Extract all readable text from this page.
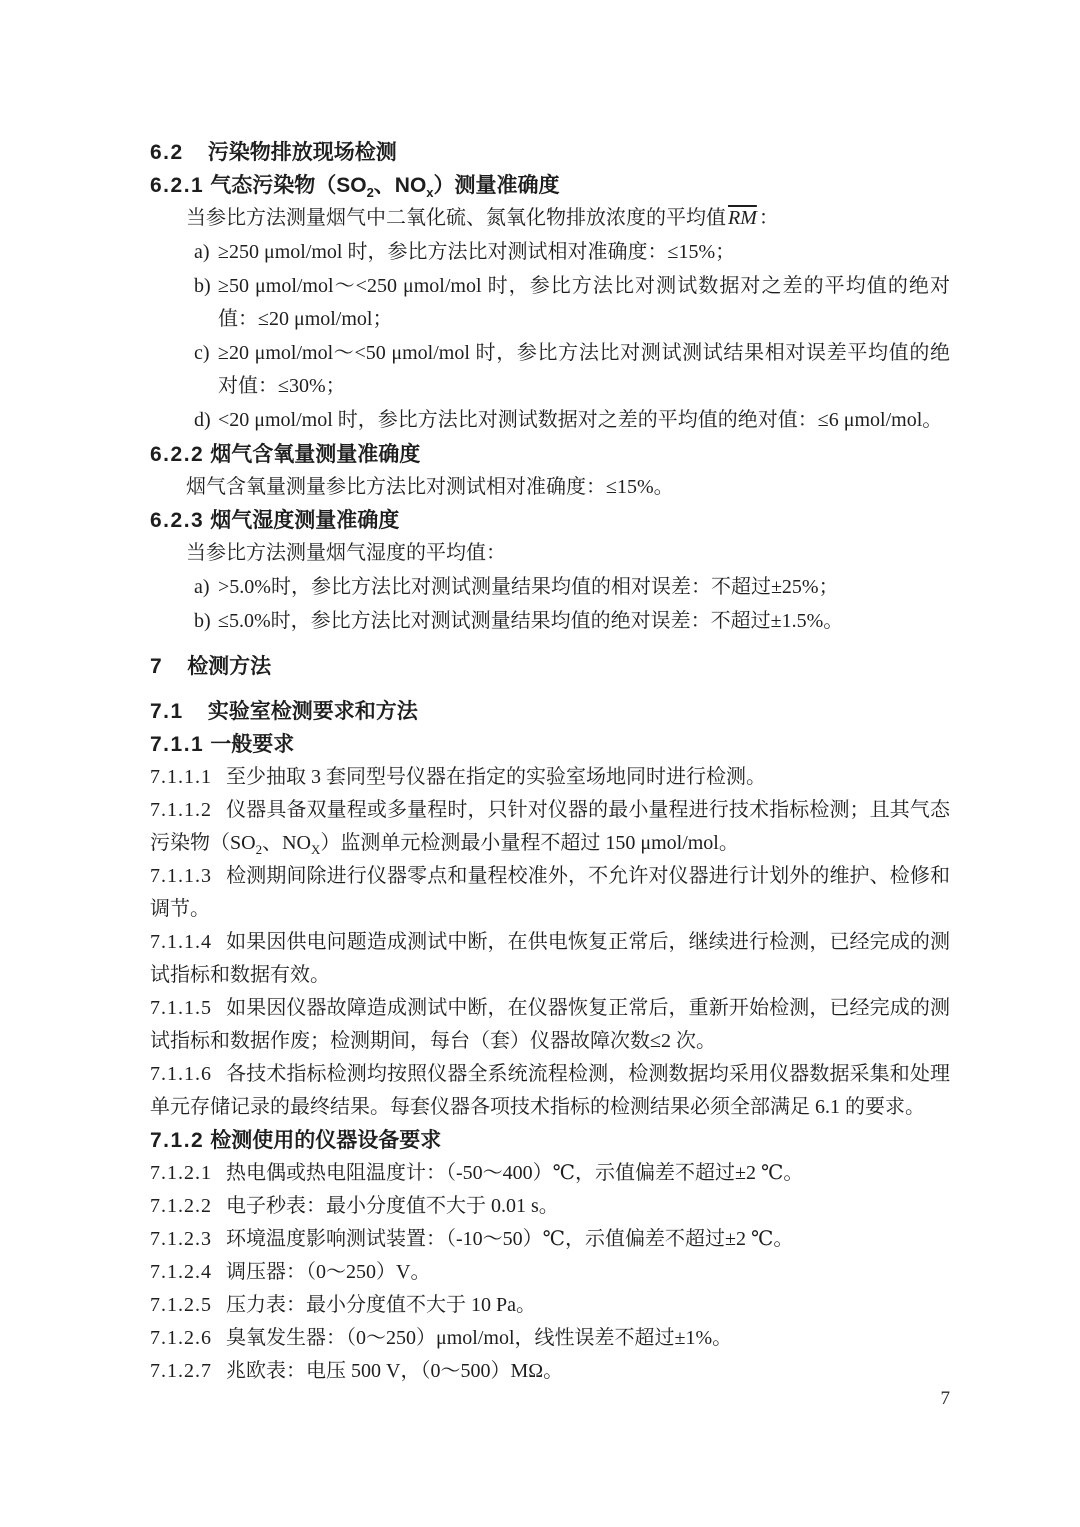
6.2 污染物排放现场检测
6.2.1 气态污染物（$SO_2$、$NO_x$）测量准确度

当参比方法测量烟气中二氧化硫、氮氧化物排放浓度的平均值 $\overline{RM}$ ：

a) ≥250 μmol/mol 时，参比方法比对测试相对准确度：≤15%；
b) ≥50 μmol/mol～<250 μmol/mol 时，参比方法比对测试数据对之差的平均值的绝对值：≤20 μmol/mol；
c) ≥20 μmol/mol～<50 μmol/mol 时，参比方法比对测试测试结果相对误差平均值的绝对值：≤30%；
d) <20 μmol/mol 时，参比方法比对测试数据对之差的平均值的绝对值：≤6 μmol/mol。
6.2.2 烟气含氧量测量准确度

烟气含氧量测量参比方法比对测试相对准确度：≤15%。

6.2.3 烟气湿度测量准确度

当参比方法测量烟气湿度的平均值：

a) >5.0%时，参比方法比对测试测量结果均值的相对误差：不超过±25%；
b) ≤5.0%时，参比方法比对测试测量结果均值的绝对误差：不超过±1.5%。
7 检测方法
7.1 实验室检测要求和方法
7.1.1 一般要求

7.1.1.1 至少抽取 3 套同型号仪器在指定的实验室场地同时进行检测。

7.1.1.2 仪器具备双量程或多量程时，只针对仪器的最小量程进行技术指标检测；且其气态污染物（$SO_2$、$NO_X$）监测单元检测最小量程不超过 150 μmol/mol。

7.1.1.3 检测期间除进行仪器零点和量程校准外，不允许对仪器进行计划外的维护、检修和调节。

7.1.1.4 如果因供电问题造成测试中断，在供电恢复正常后，继续进行检测，已经完成的测试指标和数据有效。

7.1.1.5 如果因仪器故障造成测试中断，在仪器恢复正常后，重新开始检测，已经完成的测试指标和数据作废；检测期间，每台（套）仪器故障次数≤2 次。

7.1.1.6 各技术指标检测均按照仪器全系统流程检测，检测数据均采用仪器数据采集和处理单元存储记录的最终结果。每套仪器各项技术指标的检测结果必须全部满足 6.1 的要求。

7.1.2 检测使用的仪器设备要求

7.1.2.1 热电偶或热电阻温度计：（-50～400）℃，示值偏差不超过±2 ℃。

7.1.2.2 电子秒表：最小分度值不大于 0.01 s。

7.1.2.3 环境温度影响测试装置：（-10～50）℃，示值偏差不超过±2 ℃。

7.1.2.4 调压器：（0～250）V。

7.1.2.5 压力表：最小分度值不大于 10 Pa。

7.1.2.6 臭氧发生器：（0～250）μmol/mol，线性误差不超过±1%。

7.1.2.7 兆欧表：电压 500 V，（0～500）MΩ。

7
